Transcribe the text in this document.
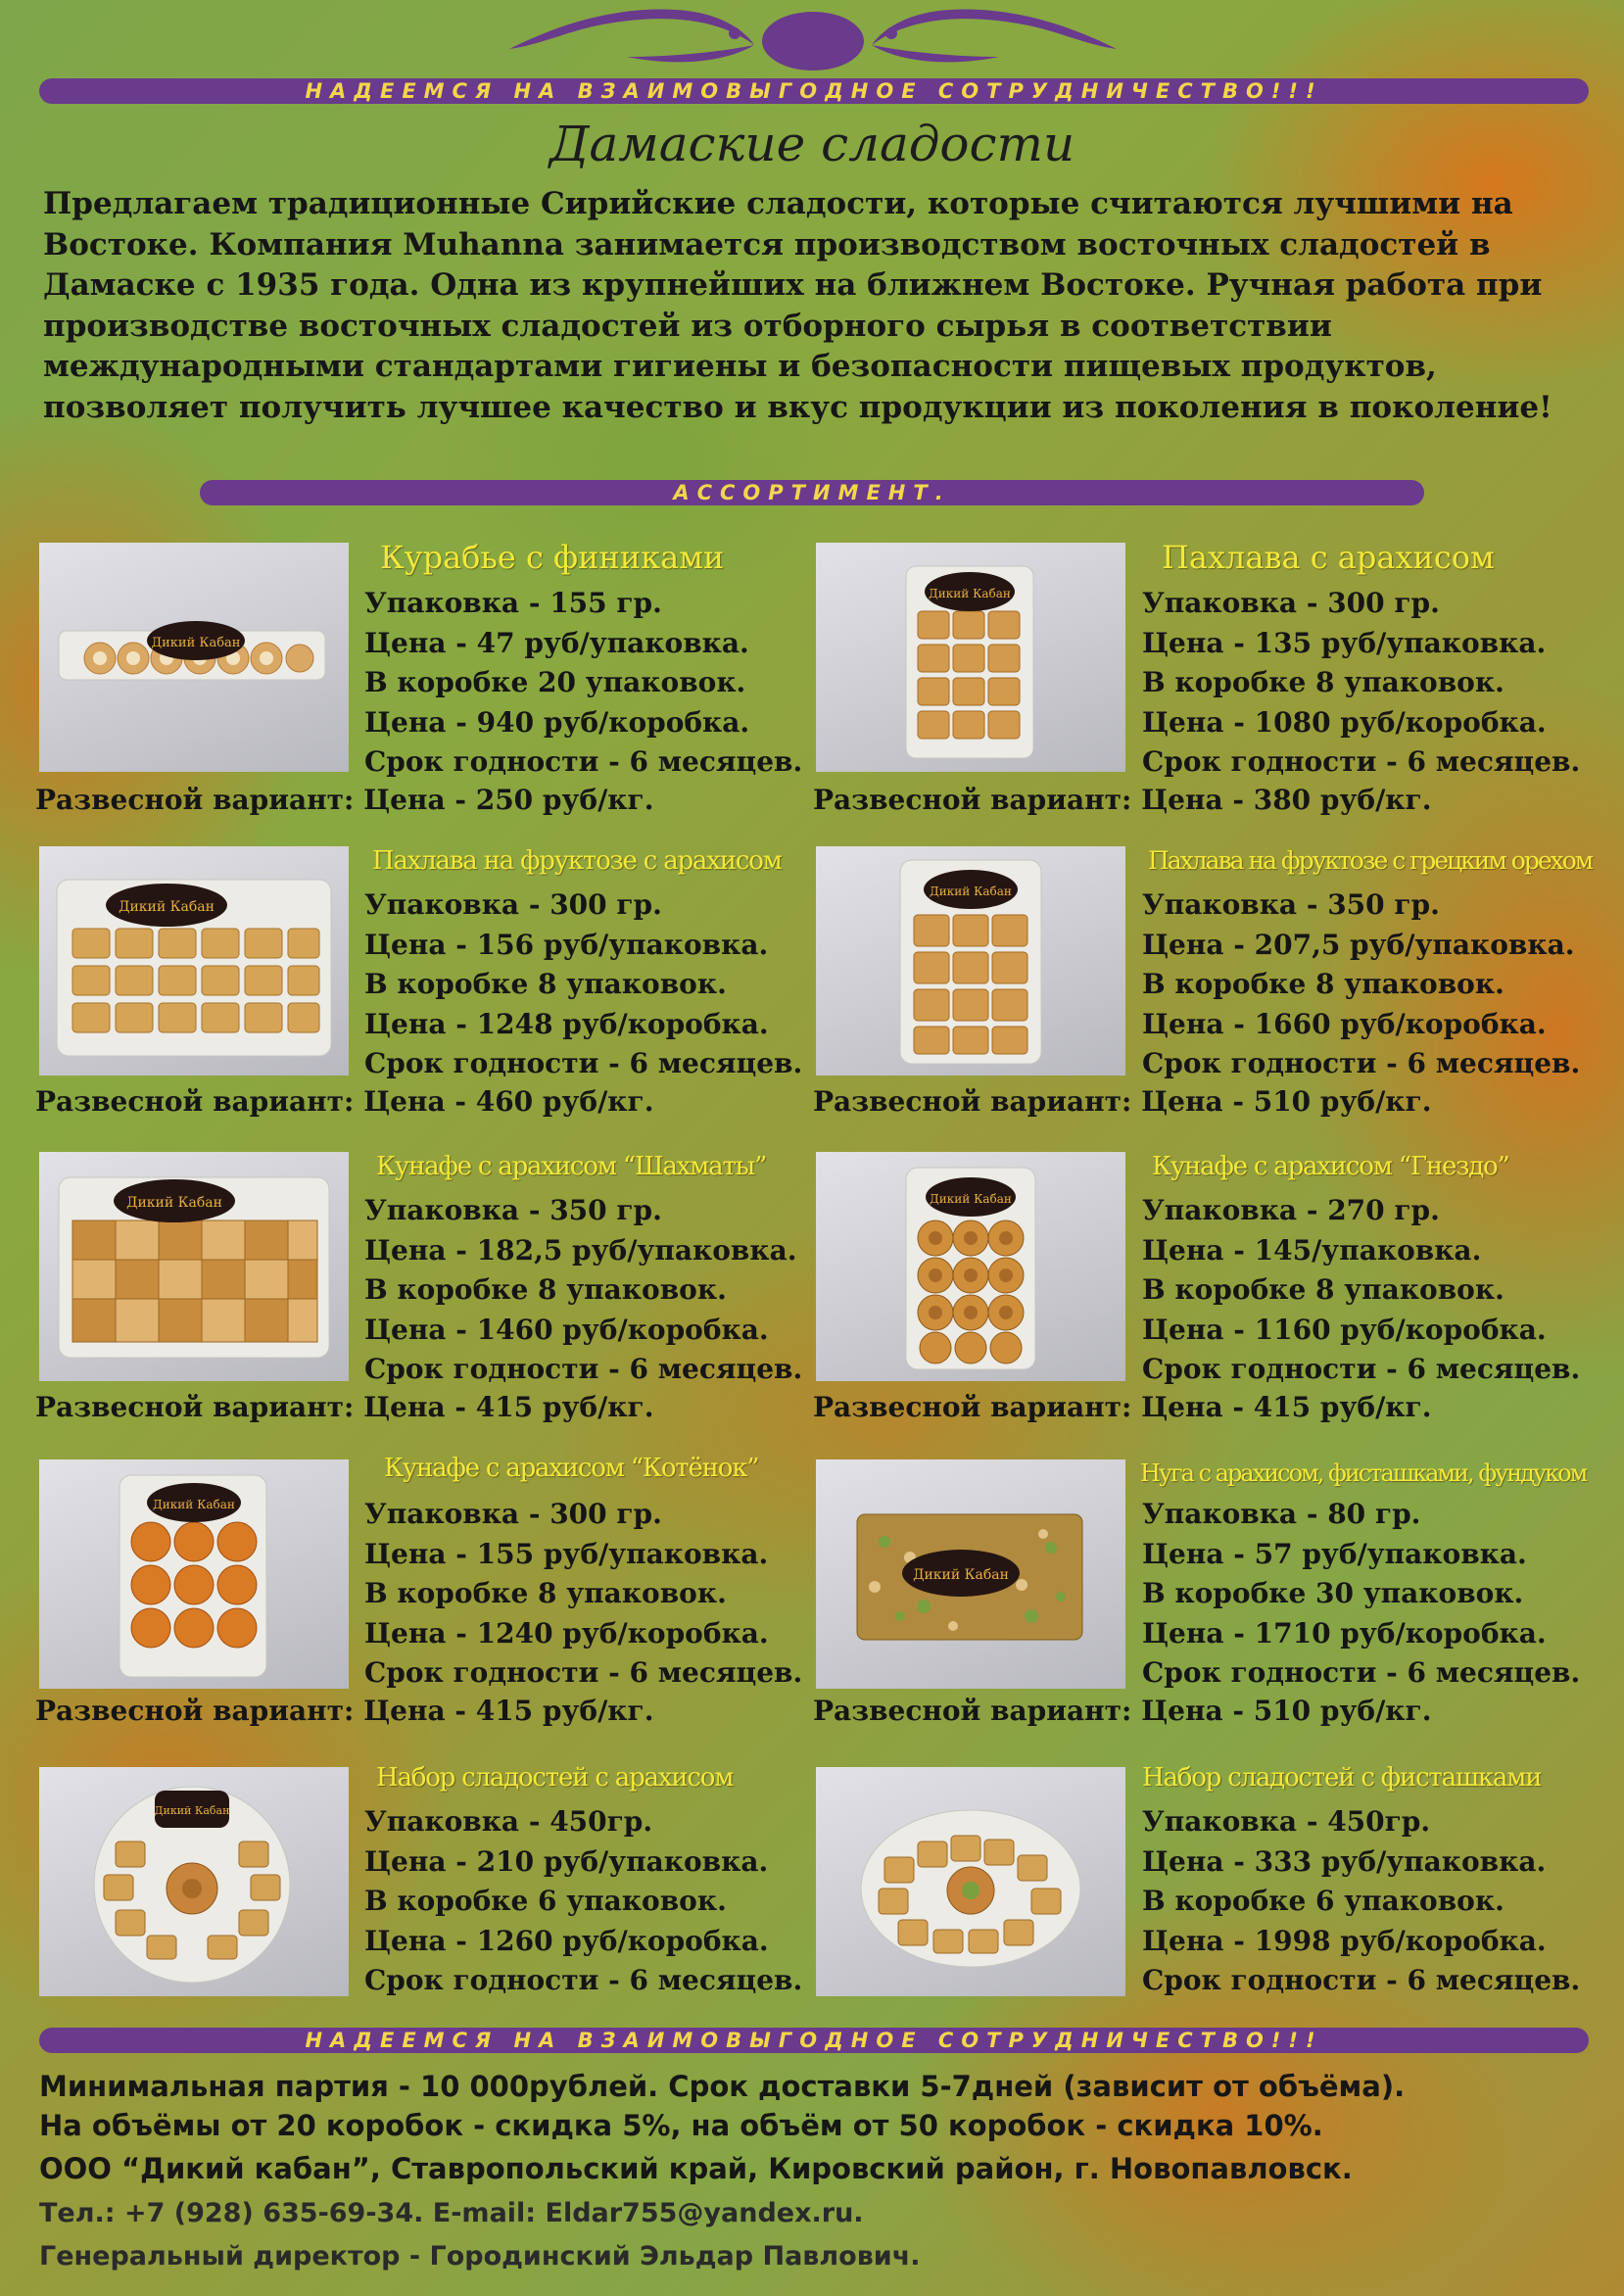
НАДЕЕМСЯ НА ВЗАИМОВЫГОДНОЕ СОТРУДНИЧЕСТВО!!!
Дамаские сладости
Предлагаем традиционные Сирийские сладости, которые считаются лучшими на
Востоке. Компания Muhanna занимается производством восточных сладостей в
Дамаске с 1935 года. Одна из крупнейших на ближнем Востоке. Ручная работа при
производстве восточных сладостей из отборного сырья в соответствии
международными стандартами гигиены и безопасности пищевых продуктов,
позволяет получить лучшее качество и вкус продукции из поколения в поколение!
АССОРТИМЕНТ.
Дикий Кабан
Курабье с финиками
Упаковка - 155 гр.
Цена - 47 руб/упаковка.
В коробке 20 упаковок.
Цена - 940 руб/коробка.
Срок годности - 6 месяцев.
Развесной вариант: Цена - 250 руб/кг.
Дикий Кабан
Пахлава с арахисом
Упаковка - 300 гр.
Цена - 135 руб/упаковка.
В коробке 8 упаковок.
Цена - 1080 руб/коробка.
Срок годности - 6 месяцев.
Развесной вариант: Цена - 380 руб/кг.
Дикий Кабан
Пахлава на фруктозе с арахисом
Упаковка - 300 гр.
Цена - 156 руб/упаковка.
В коробке 8 упаковок.
Цена - 1248 руб/коробка.
Срок годности - 6 месяцев.
Развесной вариант: Цена - 460 руб/кг.
Дикий Кабан
Пахлава на фруктозе с грецким орехом
Упаковка - 350 гр.
Цена - 207,5 руб/упаковка.
В коробке 8 упаковок.
Цена - 1660 руб/коробка.
Срок годности - 6 месяцев.
Развесной вариант: Цена - 510 руб/кг.
Дикий Кабан
Кунафе с арахисом “Шахматы”
Упаковка - 350 гр.
Цена - 182,5 руб/упаковка.
В коробке 8 упаковок.
Цена - 1460 руб/коробка.
Срок годности - 6 месяцев.
Развесной вариант: Цена - 415 руб/кг.
Дикий Кабан
Кунафе с арахисом “Гнездо”
Упаковка - 270 гр.
Цена - 145/упаковка.
В коробке 8 упаковок.
Цена - 1160 руб/коробка.
Срок годности - 6 месяцев.
Развесной вариант: Цена - 415 руб/кг.
Дикий Кабан
Кунафе с арахисом “Котёнок”
Упаковка - 300 гр.
Цена - 155 руб/упаковка.
В коробке 8 упаковок.
Цена - 1240 руб/коробка.
Срок годности - 6 месяцев.
Развесной вариант: Цена - 415 руб/кг.
Дикий Кабан
Нуга с арахисом, фисташками, фундуком
Упаковка - 80 гр.
Цена - 57 руб/упаковка.
В коробке 30 упаковок.
Цена - 1710 руб/коробка.
Срок годности - 6 месяцев.
Развесной вариант: Цена - 510 руб/кг.
Дикий Кабан
Набор сладостей с арахисом
Упаковка - 450гр.
Цена - 210 руб/упаковка.
В коробке 6 упаковок.
Цена - 1260 руб/коробка.
Срок годности - 6 месяцев.
Набор сладостей с фисташками
Упаковка - 450гр.
Цена - 333 руб/упаковка.
В коробке 6 упаковок.
Цена - 1998 руб/коробка.
Срок годности - 6 месяцев.
НАДЕЕМСЯ НА ВЗАИМОВЫГОДНОЕ СОТРУДНИЧЕСТВО!!!
Минимальная партия - 10 000рублей. Срок доставки 5-7дней (зависит от объёма).
На объёмы от 20 коробок - скидка 5%, на объём от 50 коробок - скидка 10%.
ООО “Дикий кабан”, Ставропольский край, Кировский район, г. Новопавловск.
Тел.: +7 (928) 635-69-34. E-mail: Eldar755@yandex.ru.
Генеральный директор - Городинский Эльдар Павлович.
